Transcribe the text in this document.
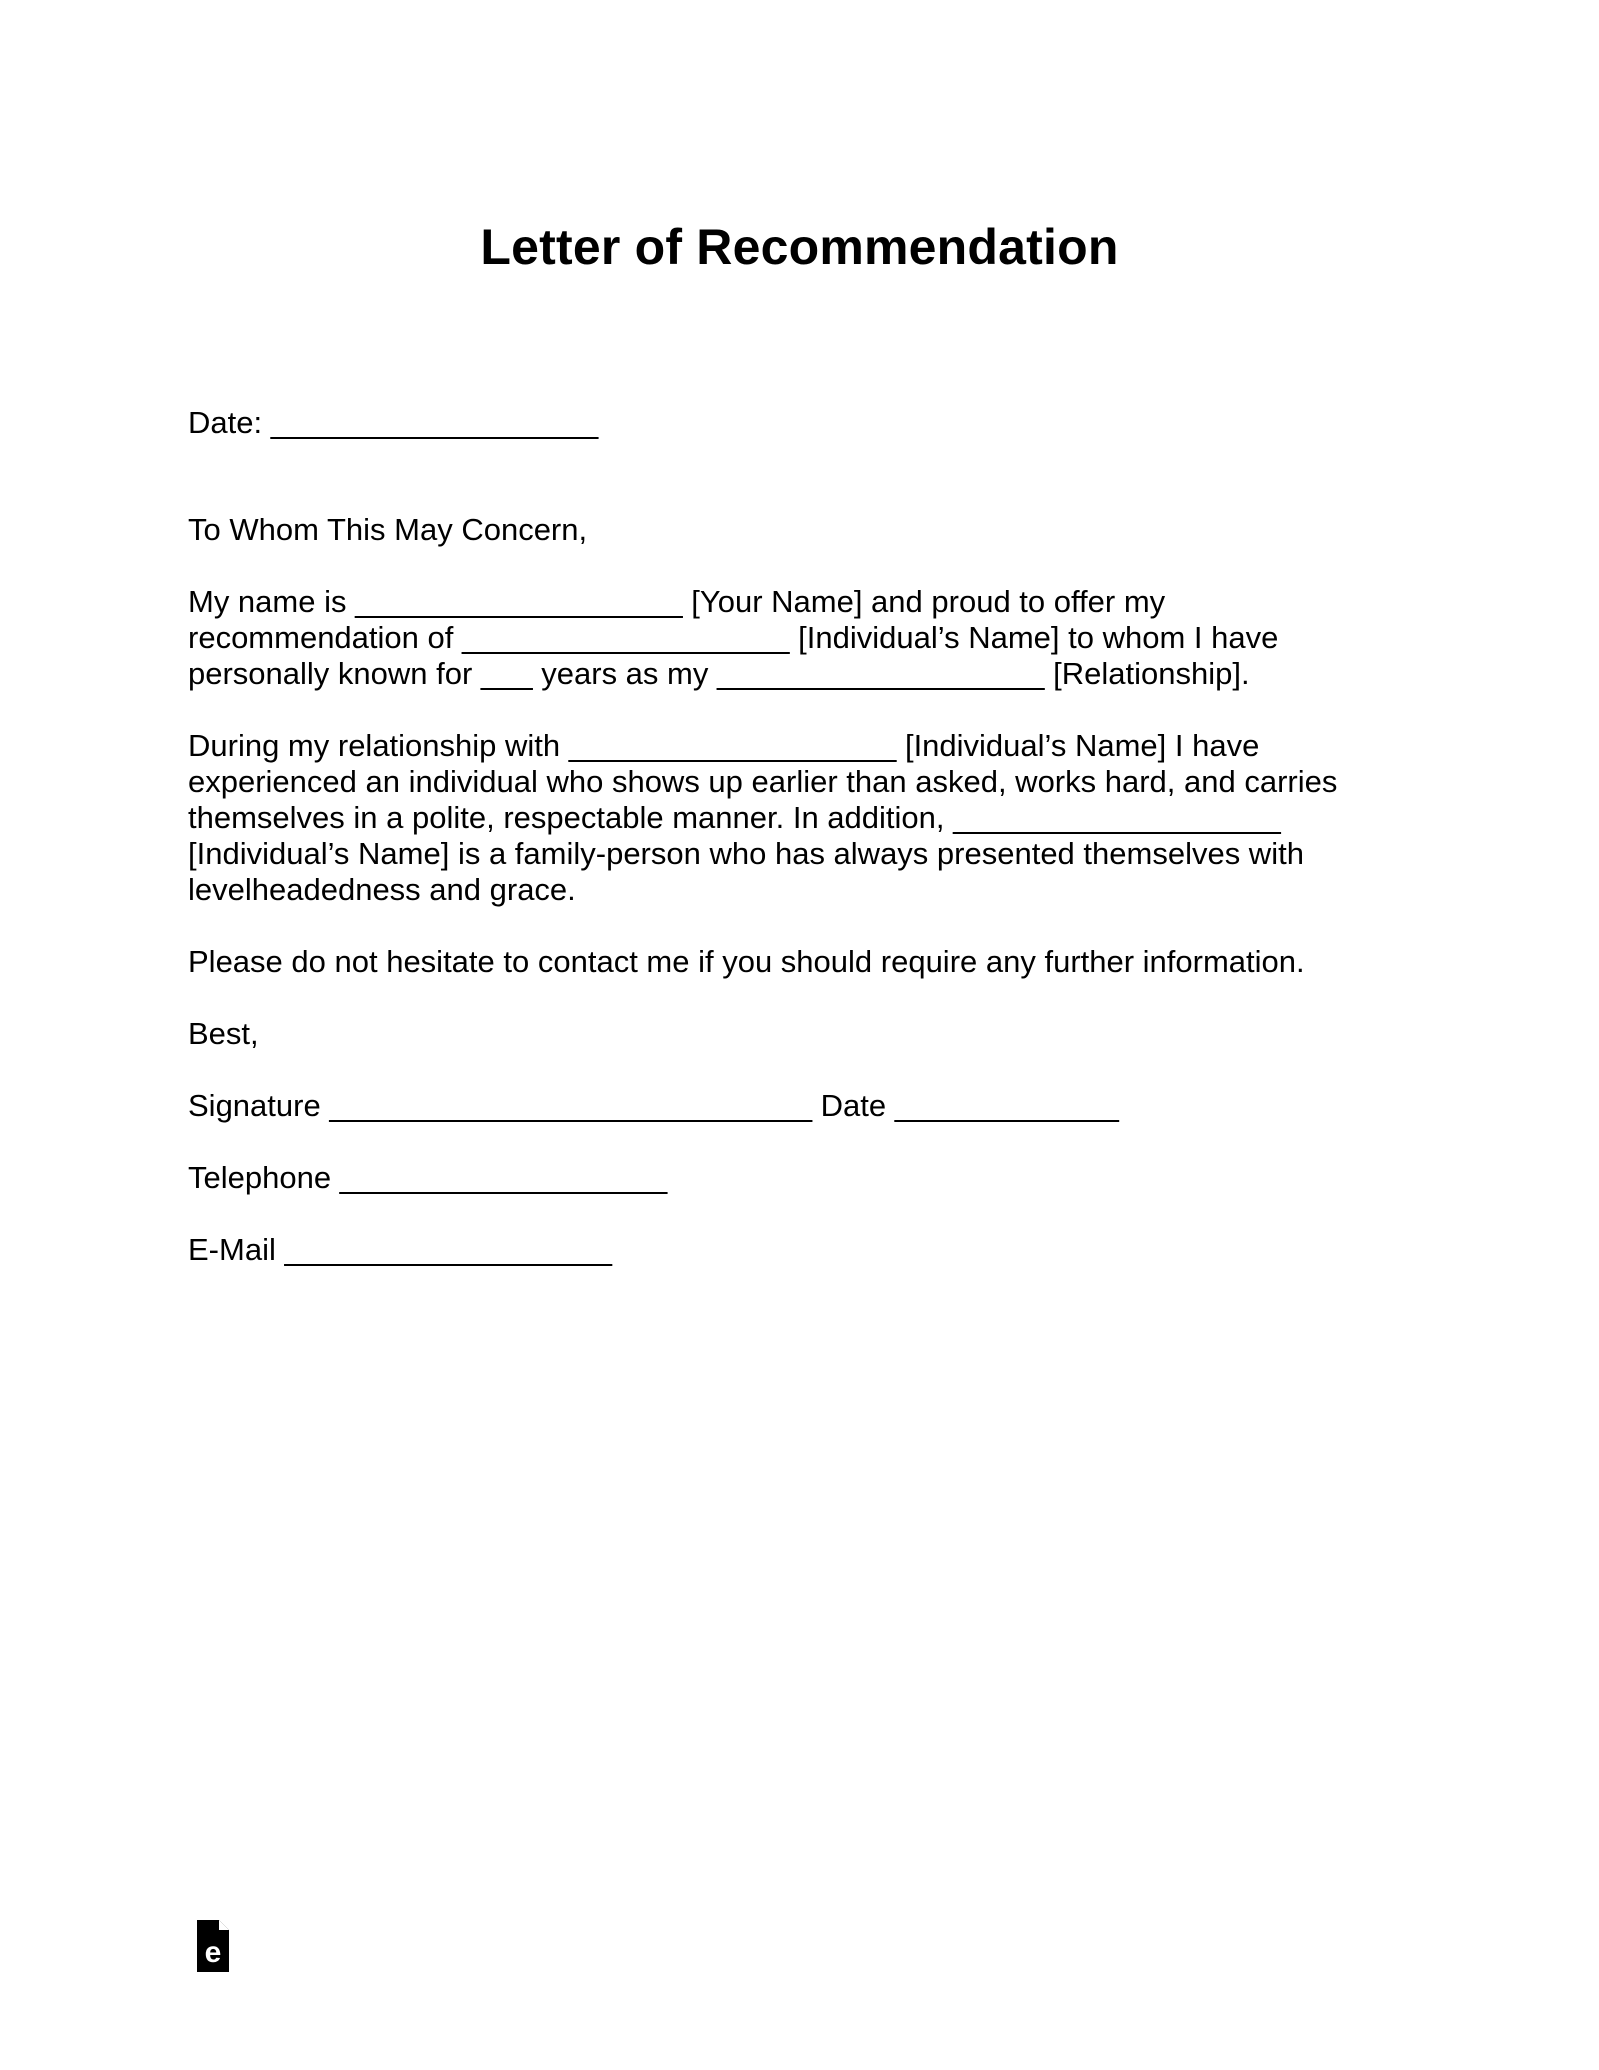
Letter of Recommendation
Date: ___________________
To Whom This May Concern,
My name is ___________________ [Your Name] and proud to offer my
recommendation of ___________________ [Individual’s Name] to whom I have
personally known for ___ years as my ___________________ [Relationship].
During my relationship with ___________________ [Individual’s Name] I have
experienced an individual who shows up earlier than asked, works hard, and carries
themselves in a polite, respectable manner. In addition, ___________________
[Individual’s Name] is a family-person who has always presented themselves with
levelheadedness and grace.
Please do not hesitate to contact me if you should require any further information.
Best,
Signature ____________________________ Date _____________
Telephone ___________________
E-Mail ___________________
e
